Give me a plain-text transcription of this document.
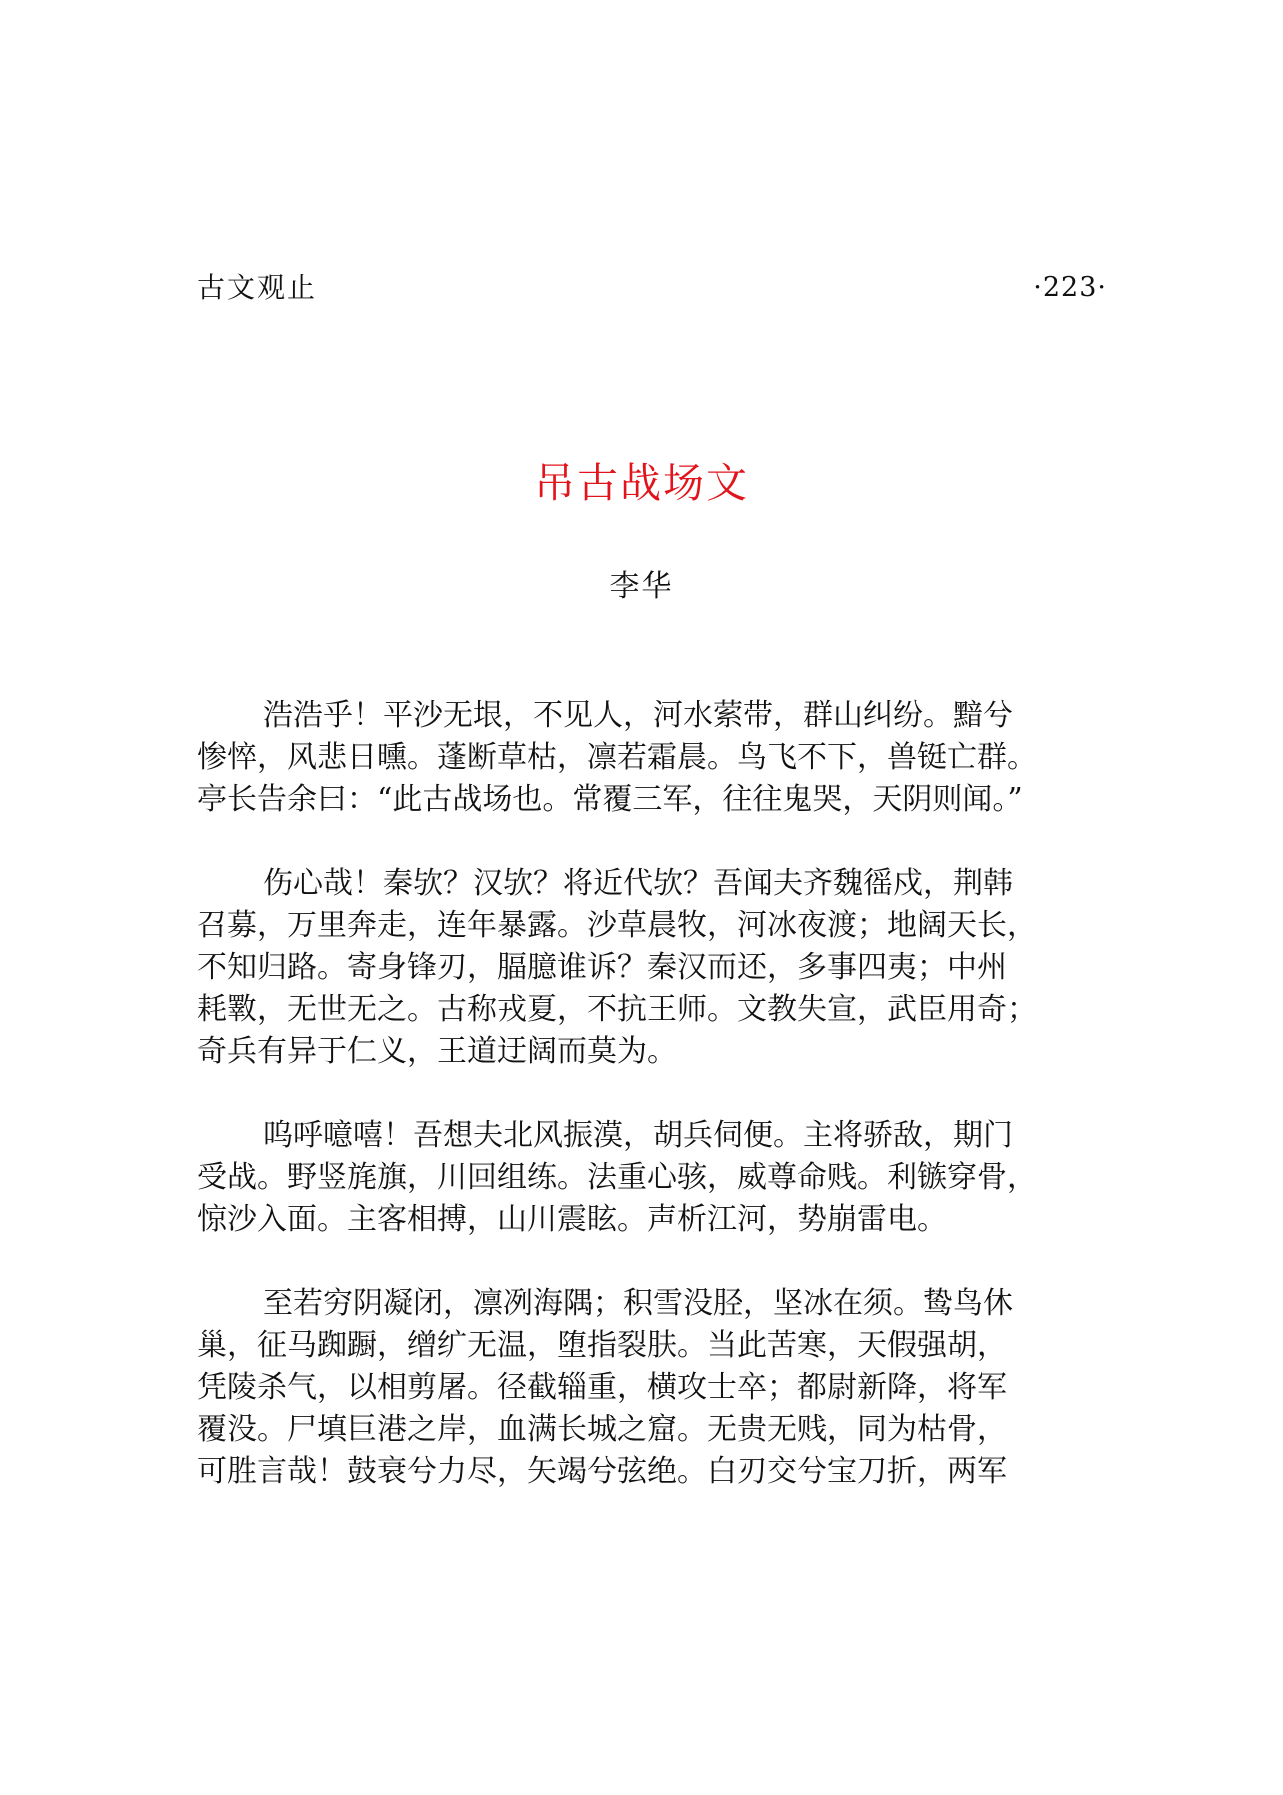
古文观止	·223·
吊古战场文
李华

浩浩乎！平沙无垠，不见人，河水萦带，群山纠纷。黯兮
惨悴，风悲日曛。蓬断草枯，凛若霜晨。鸟飞不下，兽铤亡群。
亭长告余曰：“此古战场也。常覆三军，往往鬼哭，天阴则闻。”

伤心哉！秦欤？汉欤？将近代欤？吾闻夫齐魏徭戍，荆韩
召募，万里奔走，连年暴露。沙草晨牧，河冰夜渡；地阔天长，
不知归路。寄身锋刃，腷臆谁诉？秦汉而还，多事四夷；中州
耗斁，无世无之。古称戎夏，不抗王师。文教失宣，武臣用奇；
奇兵有异于仁义，王道迂阔而莫为。

呜呼噫嘻！吾想夫北风振漠，胡兵伺便。主将骄敌，期门
受战。野竖旄旗，川回组练。法重心骇，威尊命贱。利镞穿骨，
惊沙入面。主客相搏，山川震眩。声析江河，势崩雷电。

至若穷阴凝闭，凛冽海隅；积雪没胫，坚冰在须。鸷鸟休
巢，征马踟蹰，缯纩无温，堕指裂肤。当此苦寒，天假强胡，
凭陵杀气，以相剪屠。径截辎重，横攻士卒；都尉新降，将军
覆没。尸填巨港之岸，血满长城之窟。无贵无贱，同为枯骨，
可胜言哉！鼓衰兮力尽，矢竭兮弦绝。白刃交兮宝刀折，两军
